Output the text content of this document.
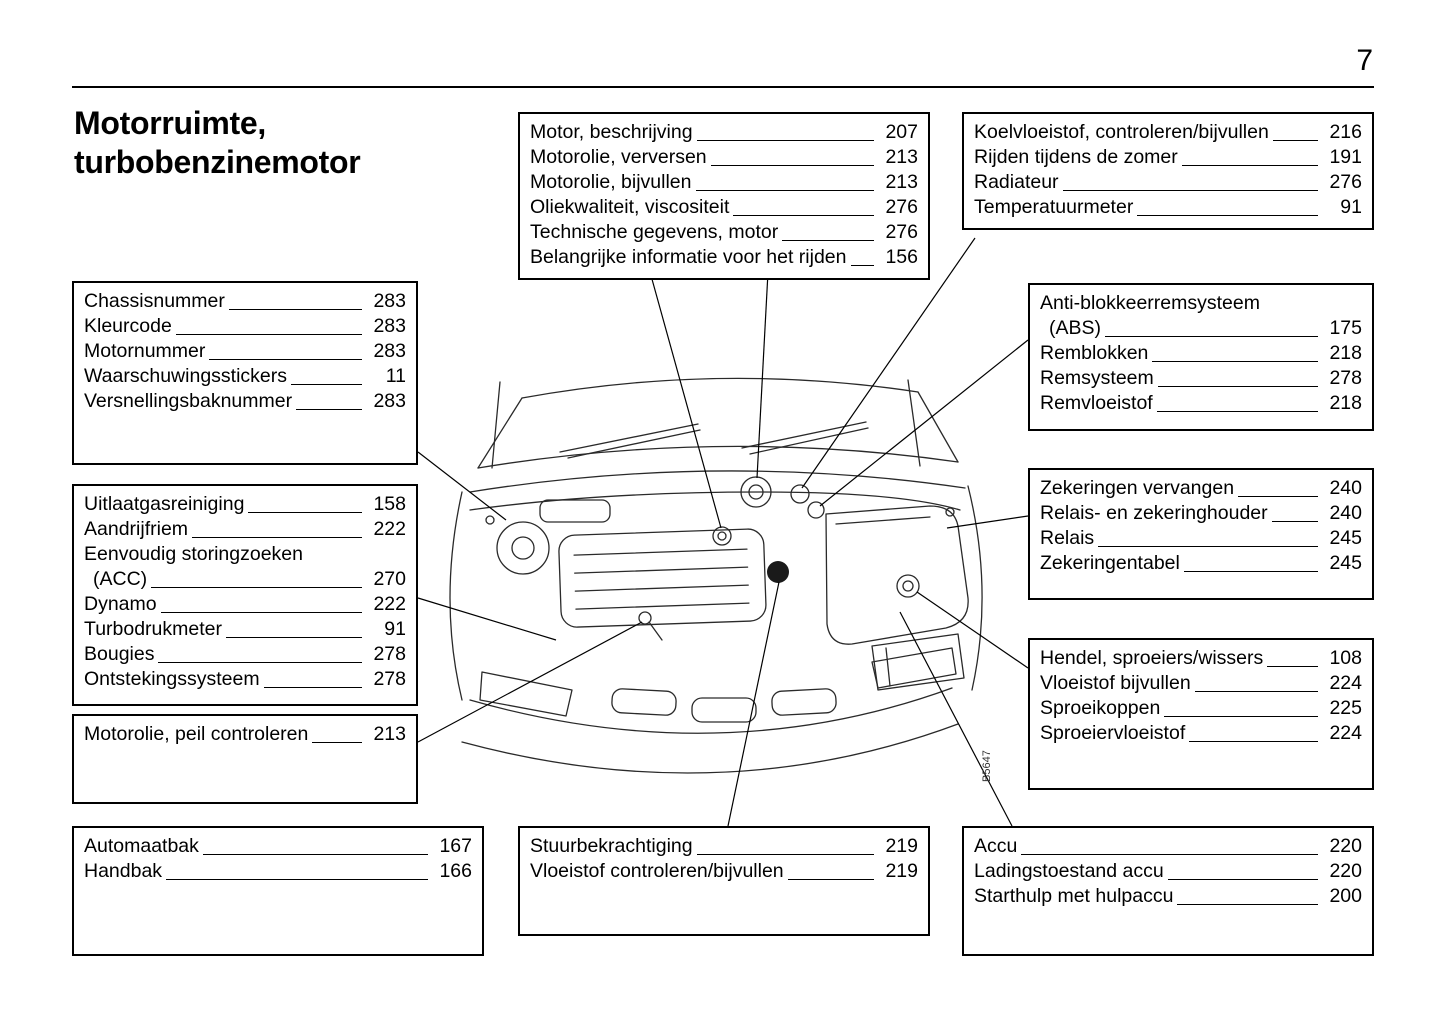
7
Motorruimte,
turbobenzinemotor
B5647
Motor, beschrijving	207
Motorolie, verversen	213
Motorolie, bijvullen	213
Oliekwaliteit, viscositeit	276
Technische gegevens, motor	276
Belangrijke informatie voor het rijden 156
Koelvloeistof, controleren/bijvullen	216
Rijden tijdens de zomer	191
Radiateur	276
Temperatuurmeter	91
Chassisnummer	283
Kleurcode	283
Motornummer	283
Waarschuwingsstickers	11
Versnellingsbaknummer	283
Anti-blokkeerremsysteem
(ABS)	175
Remblokken	218
Remsysteem	278
Remvloeistof	218
Uitlaatgasreiniging	158
Aandrijfriem	222
Eenvoudig storingzoeken
(ACC)	270
Dynamo	222
Turbodrukmeter	91
Bougies	278
Ontstekingssysteem	278
Zekeringen vervangen	240
Relais- en zekeringhouder	240
Relais	245
Zekeringentabel	245
Motorolie, peil controleren	213
Hendel, sproeiers/wissers	108
Vloeistof bijvullen	224
Sproeikoppen	225
Sproeiervloeistof	224
Automaatbak	167
Handbak	166
Stuurbekrachtiging	219
Vloeistof controleren/bijvullen	219
Accu	220
Ladingstoestand accu	220
Starthulp met hulpaccu	200
